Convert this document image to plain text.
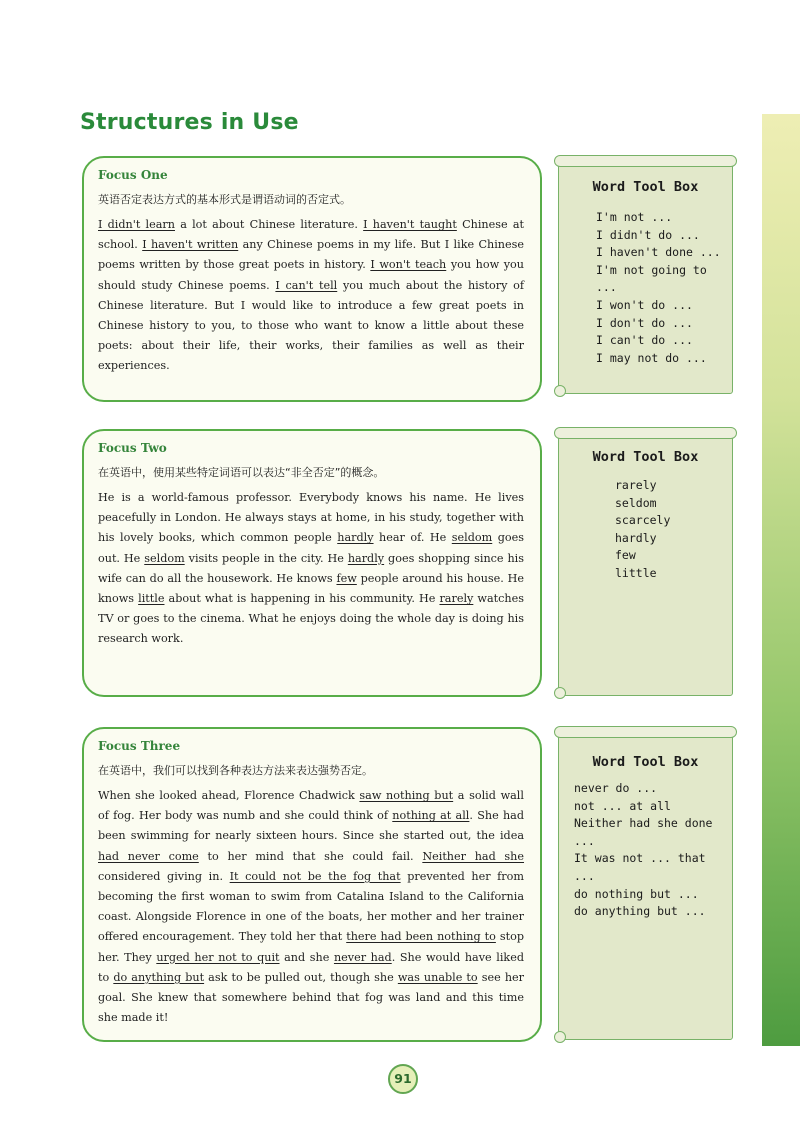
Structures in Use
Focus One
英语否定表达方式的基本形式是谓语动词的否定式。

I didn't learn a lot about Chinese literature. I haven't taught Chinese at school. I haven't written any Chinese poems in my life. But I like Chinese poems written by those great poets in history. I won't teach you how you should study Chinese poems. I can't tell you much about the history of Chinese literature. But I would like to introduce a few great poets in Chinese history to you, to those who want to know a little about these poets: about their life, their works, their families as well as their experiences.

Focus Two
在英语中，使用某些特定词语可以表达“非全否定”的概念。

He is a world-famous professor. Everybody knows his name. He lives peacefully in London. He always stays at home, in his study, together with his lovely books, which common people hardly hear of. He seldom goes out. He seldom visits people in the city. He hardly goes shopping since his wife can do all the housework. He knows few people around his house. He knows little about what is happening in his community. He rarely watches TV or goes to the cinema. What he enjoys doing the whole day is doing his research work.

Focus Three
在英语中，我们可以找到各种表达方法来表达强势否定。

When she looked ahead, Florence Chadwick saw nothing but a solid wall of fog. Her body was numb and she could think of nothing at all. She had been swimming for nearly sixteen hours. Since she started out, the idea had never come to her mind that she could fail. Neither had she considered giving in. It could not be the fog that prevented her from becoming the first woman to swim from Catalina Island to the California coast. Alongside Florence in one of the boats, her mother and her trainer offered encouragement. They told her that there had been nothing to stop her. They urged her not to quit and she never had. She would have liked to do anything but ask to be pulled out, though she was unable to see her goal. She knew that somewhere behind that fog was land and this time she made it!

Word Tool Box
I'm not ...
I didn't do ...
I haven't done ...
I'm not going to ...
I won't do ...
I don't do ...
I can't do ...
I may not do ...
Word Tool Box
rarely
seldom
scarcely
hardly
few
little
Word Tool Box
never do ...
not ... at all
Neither had she done ...
It was not ... that ...
do nothing but ...
do anything but ...
91
